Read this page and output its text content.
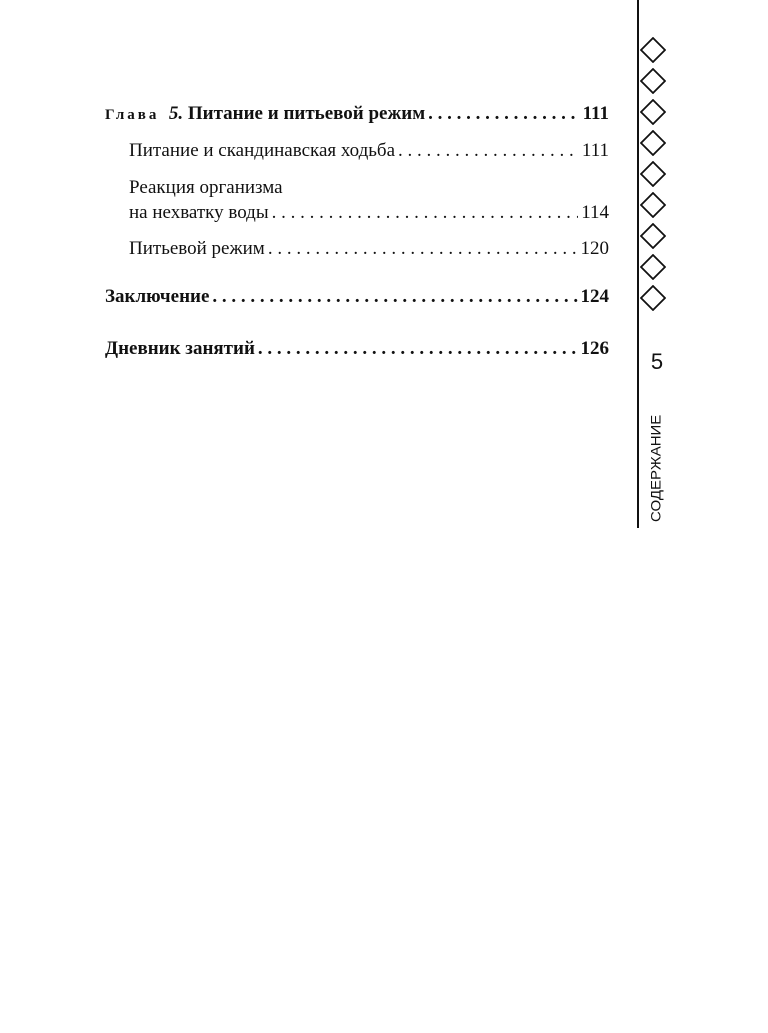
5
СОДЕРЖАНИЕ
Глава 5. Питание и питьевой режим . . .	111
Питание и скандинавская ходьба . . .	111
Реакция организма
на нехватку воды . . .	114
Питьевой режим . . .	120
Заключение . . .	124
Дневник занятий . . .	126
